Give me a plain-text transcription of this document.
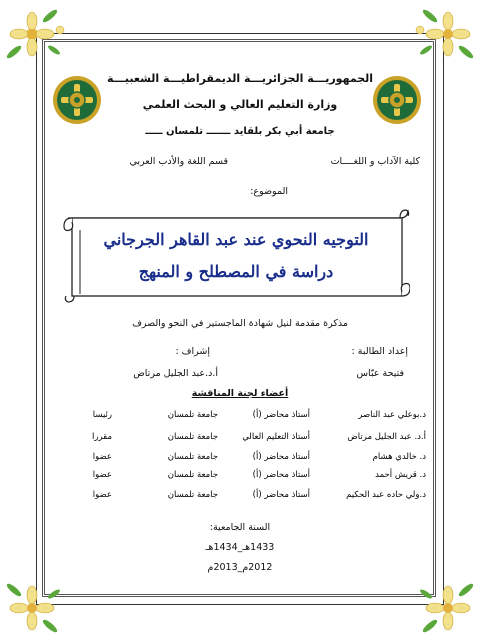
الجمهوريـــة الجزائريـــة الديمقراطيـــة الشعبيـــة
وزارة التعليم العالي و البحث العلمي
جامعة أبي بكر بلقايد ـــــــ تلمسان ـــــ
كلية الآداب و اللغــــات
قسم اللغة والأدب العربي
الموضوع:
التوجيه النحوي عند عبد القاهر الجرجاني
دراسة في المصطلح و المنهج
مذكرة مقدمة لنيل شهادة الماجستير في النحو والصرف
إعداد الطالبة :
إشراف :
فتيحة عبّاس
أ.د.عبد الجليل مرتاض
أعضاء لجنة المناقشة
د.بوعلي عبد الناصر
أستاذ محاضر (أ)
جامعة تلمسان
رئيسا
أ.د. عبد الجليل مرتاض
أستاذ التعليم العالي
جامعة تلمسان
مقررا
د. خالدي هشام
أستاذ محاضر (أ)
جامعة تلمسان
عضوا
د. قريش أحمد
أستاذ محاضر (أ)
جامعة تلمسان
عضوا
د.ولي حاده عبد الحكيم
أستاذ محاضر (أ)
جامعة تلمسان
عضوا
السنة الجامعية:
1433هـ_1434هـ
2012م_2013م
